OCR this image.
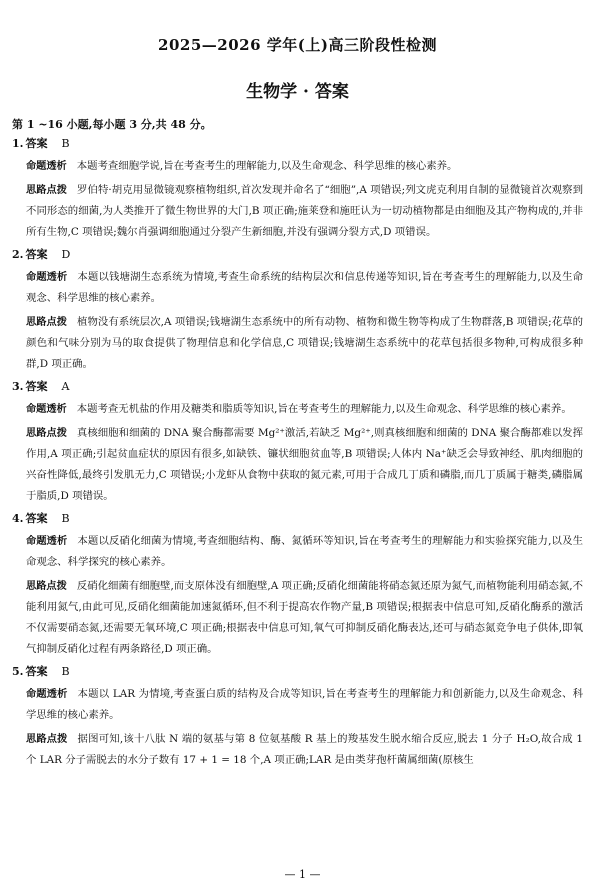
2025—2026 学年(上)高三阶段性检测
生物学 · 答案

第 1 ~16 小题,每小题 3 分,共 48 分。

1. 答案 B

命题透析 本题考查细胞学说,旨在考查考生的理解能力,以及生命观念、科学思维的核心素养。

思路点拨 罗伯特·胡克用显微镜观察植物组织,首次发现并命名了“细胞”,A 项错误;列文虎克利用自制的显微镜首次观察到不同形态的细菌,为人类推开了微生物世界的大门,B 项正确;施莱登和施旺认为一切动植物都是由细胞及其产物构成的,并非所有生物,C 项错误;魏尔肖强调细胞通过分裂产生新细胞,并没有强调分裂方式,D 项错误。

2. 答案 D

命题透析 本题以钱塘湖生态系统为情境,考查生命系统的结构层次和信息传递等知识,旨在考查考生的理解能力,以及生命观念、科学思维的核心素养。

思路点拨 植物没有系统层次,A 项错误;钱塘湖生态系统中的所有动物、植物和微生物等构成了生物群落,B 项错误;花草的颜色和气味分别为马的取食提供了物理信息和化学信息,C 项错误;钱塘湖生态系统中的花草包括很多物种,可构成很多种群,D 项正确。

3. 答案 A

命题透析 本题考查无机盐的作用及糖类和脂质等知识,旨在考查考生的理解能力,以及生命观念、科学思维的核心素养。

思路点拨 真核细胞和细菌的 DNA 聚合酶都需要 Mg²⁺激活,若缺乏 Mg²⁺,则真核细胞和细菌的 DNA 聚合酶都难以发挥作用,A 项正确;引起贫血症状的原因有很多,如缺铁、镰状细胞贫血等,B 项错误;人体内 Na⁺缺乏会导致神经、肌肉细胞的兴奋性降低,最终引发肌无力,C 项错误;小龙虾从食物中获取的氮元素,可用于合成几丁质和磷脂,而几丁质属于糖类,磷脂属于脂质,D 项错误。

4. 答案 B

命题透析 本题以反硝化细菌为情境,考查细胞结构、酶、氮循环等知识,旨在考查考生的理解能力和实验探究能力,以及生命观念、科学探究的核心素养。

思路点拨 反硝化细菌有细胞壁,而支原体没有细胞壁,A 项正确;反硝化细菌能将硝态氮还原为氮气,而植物能利用硝态氮,不能利用氮气,由此可见,反硝化细菌能加速氮循环,但不利于提高农作物产量,B 项错误;根据表中信息可知,反硝化酶系的激活不仅需要硝态氮,还需要无氧环境,C 项正确;根据表中信息可知,氧气可抑制反硝化酶表达,还可与硝态氮竞争电子供体,即氧气抑制反硝化过程有两条路径,D 项正确。

5. 答案 B

命题透析 本题以 LAR 为情境,考查蛋白质的结构及合成等知识,旨在考查考生的理解能力和创新能力,以及生命观念、科学思维的核心素养。

思路点拨 据图可知,该十八肽 N 端的氨基与第 8 位氨基酸 R 基上的羧基发生脱水缩合反应,脱去 1 分子 H₂O,故合成 1 个 LAR 分子需脱去的水分子数有 17 + 1 = 18 个,A 项正确;LAR 是由类芽孢杆菌属细菌(原核生

— 1 —
